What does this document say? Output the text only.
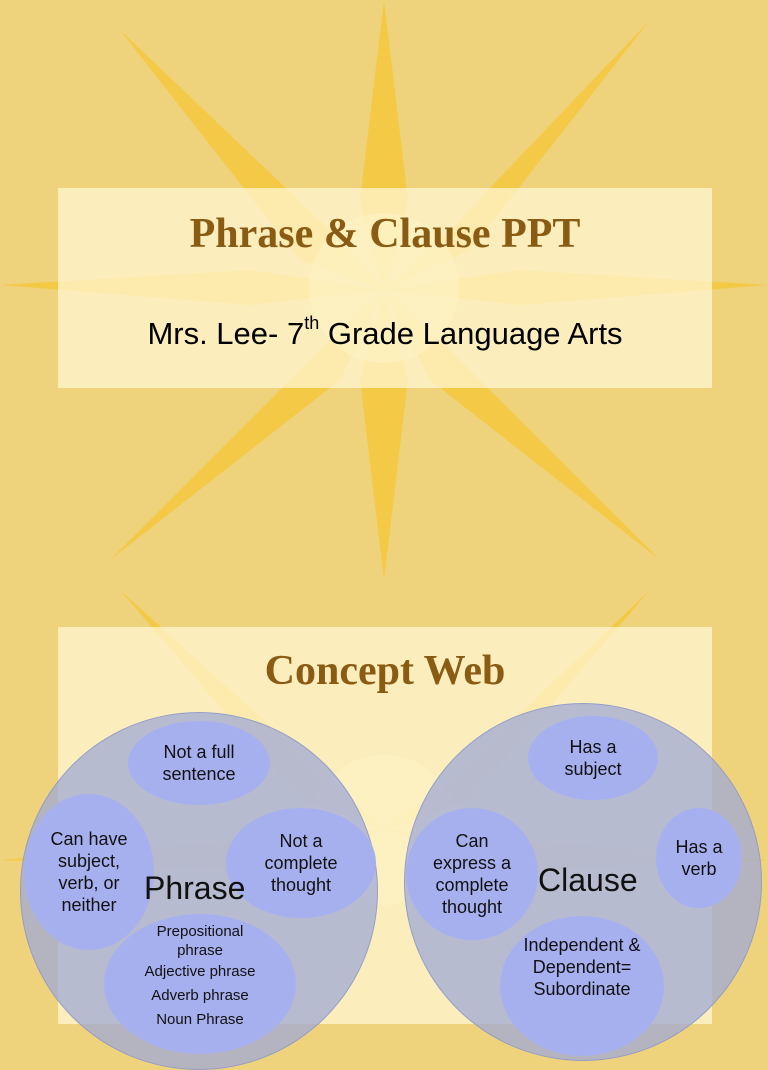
Phrase & Clause PPT
Mrs. Lee- 7th Grade Language Arts
Concept Web
Not a full sentence
Not a complete thought
Can have subject, verb, or neither Phrase
Prepositional phrase
Adjective phrase
Adverb phrase
Noun Phrase
Has a subject
Has a verb
Can express a complete thought
Clause
Independent & Dependent= Subordinate
